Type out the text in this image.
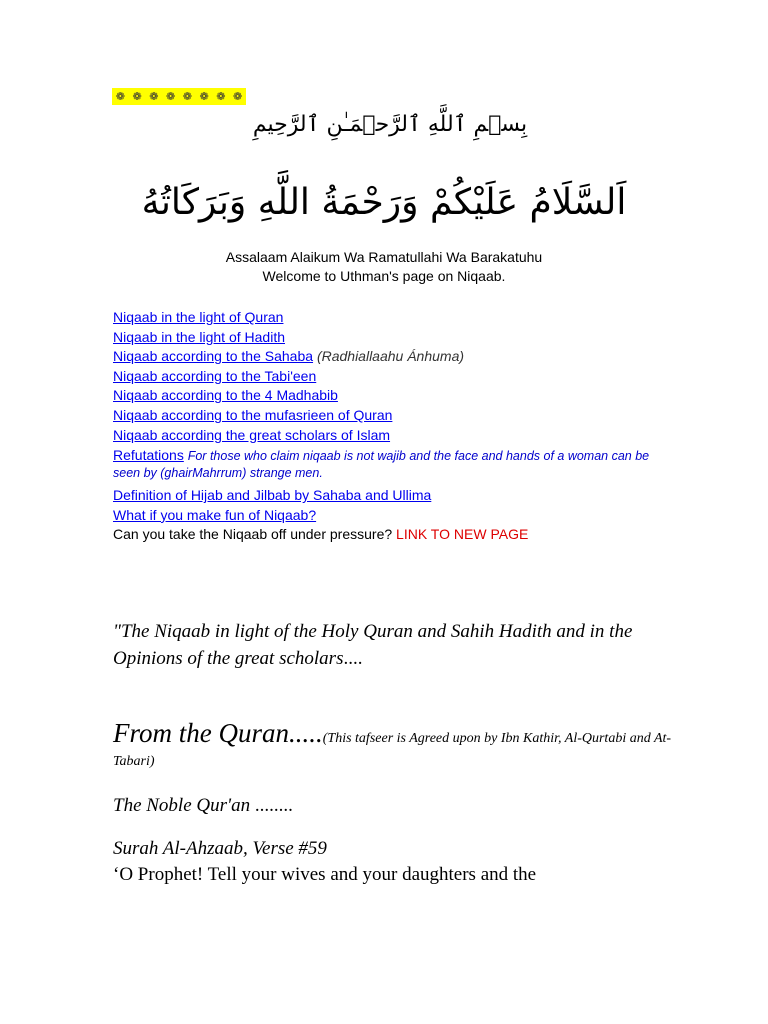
❁ ❁ ❁ ❁ ❁ ❁ ❁ ❁
بِسۡمِ ٱللَّهِ ٱلرَّحۡمَـٰنِ ٱلرَّحِيمِ
اَلسَّلَامُ عَلَيْكُمْ وَرَحْمَةُ اللَّهِ وَبَرَكَاتُهُ
Assalaam Alaikum Wa Ramatullahi Wa Barakatuhu
Welcome to Uthman's page on Niqaab.
Niqaab in the light of Quran
Niqaab in the light of Hadith
Niqaab according to the Sahaba (Radhiallaahu Ánhuma)
Niqaab according to the Tabi'een
Niqaab according to the 4 Madhabib
Niqaab according to the mufasrieen of Quran
Niqaab according the great scholars of Islam
Refutations For those who claim niqaab is not wajib and the face and hands of a woman can be seen by (ghairMahrrum) strange men.
Definition of Hijab and Jilbab by Sahaba and Ullima
What if you make fun of Niqaab?
Can you take the Niqaab off under pressure? LINK TO NEW PAGE
"The Niqaab in light of the Holy Quran and Sahih Hadith and in the Opinions of the great scholars....
From the Quran.....(This tafseer is Agreed upon by Ibn Kathir, Al-Qurtabi and At-Tabari)
The Noble Qur'an ........
Surah Al-Ahzaab, Verse #59
‘O Prophet! Tell your wives and your daughters and the
